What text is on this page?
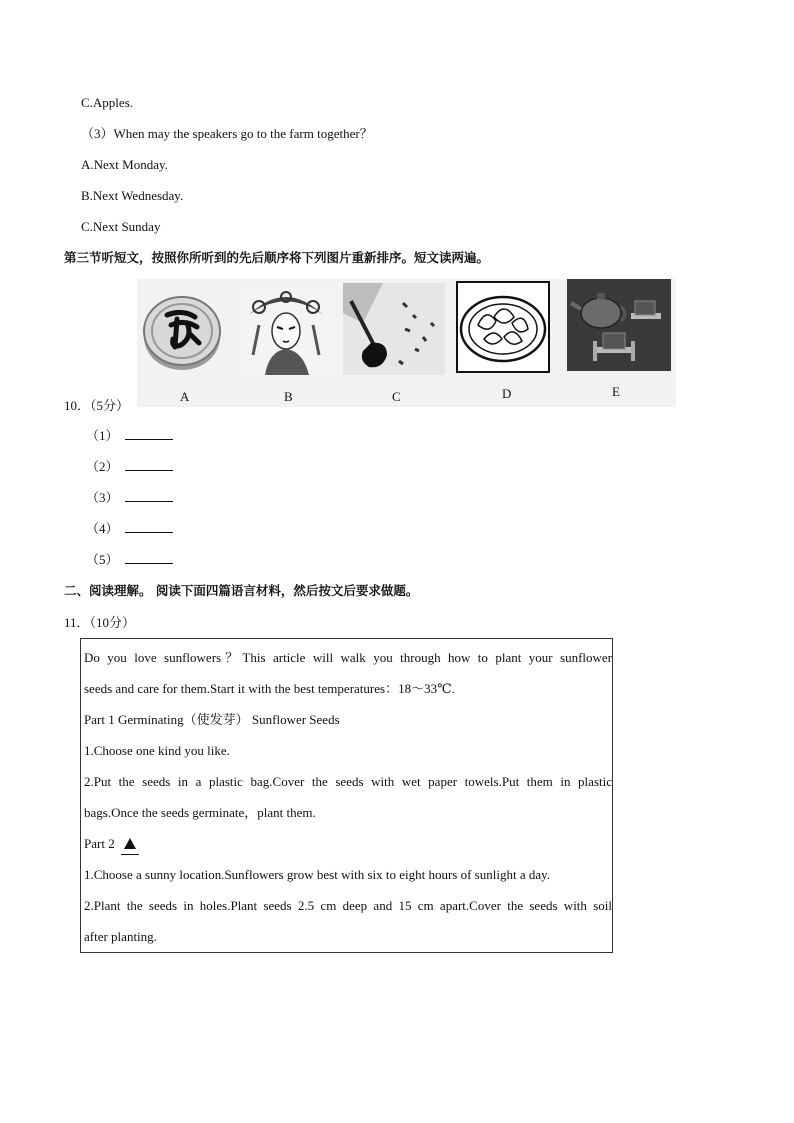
C.Apples.
（3）When may the speakers go to the farm together？
A.Next Monday.
B.Next Wednesday.
C.Next Sunday
第三节听短文，按照你所听到的先后顺序将下列图片重新排序。短文读两遍。
A	B	C	D	E
10．（5分）
（1）
（2）
（3）
（4）
（5）
二、阅读理解。 阅读下面四篇语言材料，然后按文后要求做题。
11．（10分）
Do you love sunflowers？This article will walk you through how to plant your sunflower
seeds and care for them.Start it with the best temperatures：18～33℃.
Part 1 Germinating（使发芽） Sunflower Seeds
1.Choose one kind you like.
2.Put the seeds in a plastic bag.Cover the seeds with wet paper towels.Put them in plastic
bags.Once the seeds germinate，plant them.
Part 2
1.Choose a sunny location.Sunflowers grow best with six to eight hours of sunlight a day.
2.Plant the seeds in holes.Plant seeds 2.5 cm deep and 15 cm apart.Cover the seeds with soil
after planting.
